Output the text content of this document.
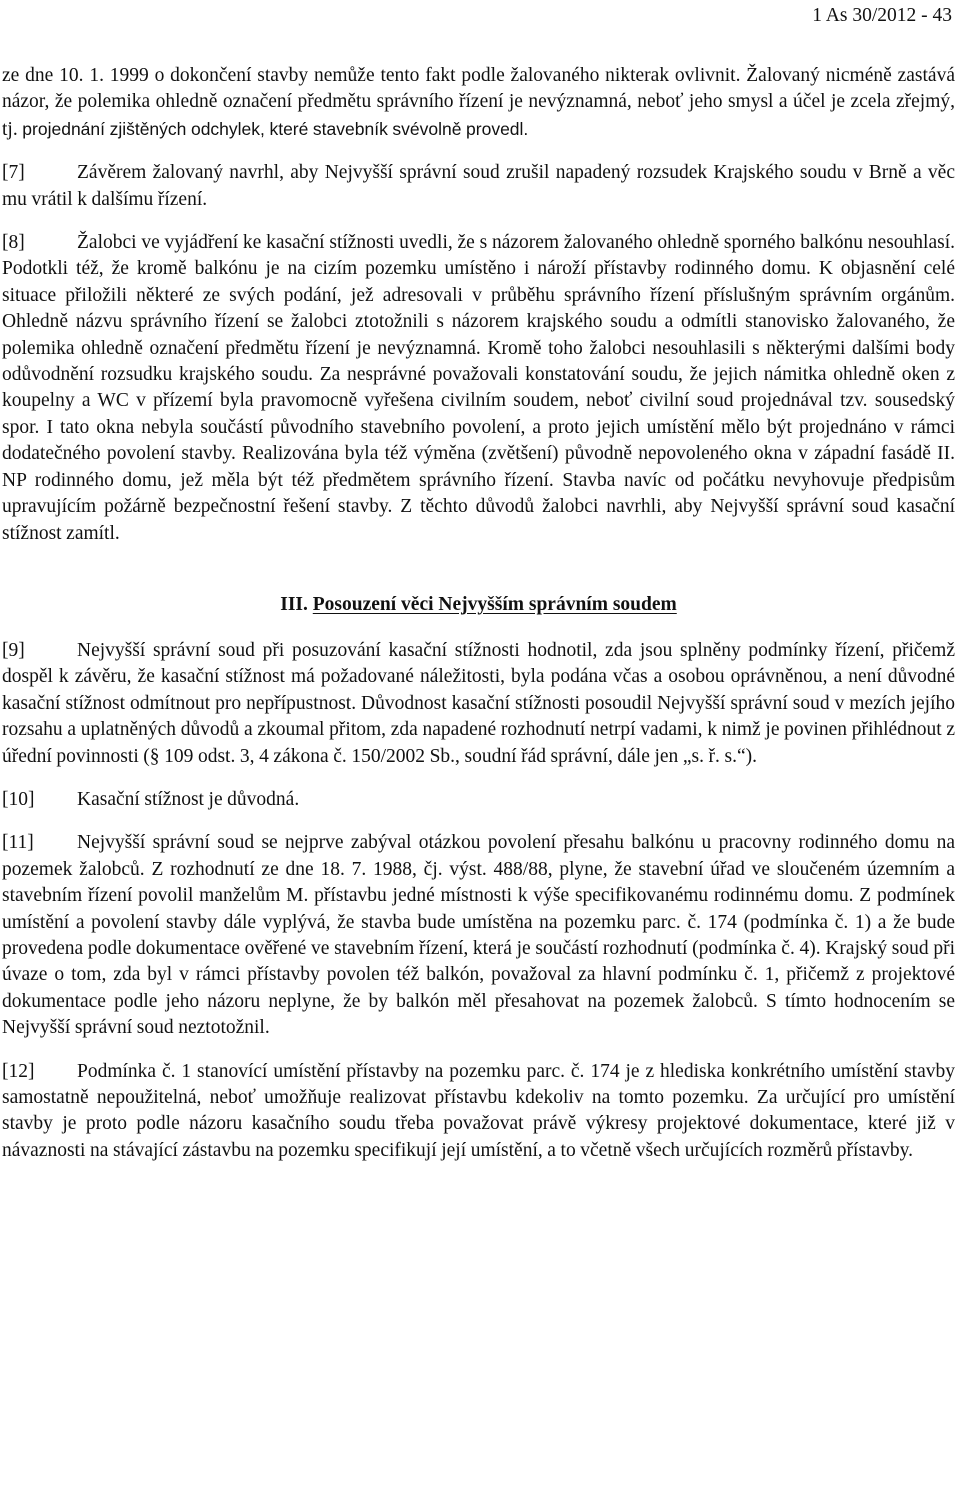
1 As 30/2012 - 43

ze dne 10. 1. 1999 o dokončení stavby nemůže tento fakt podle žalovaného nikterak ovlivnit. Žalovaný nicméně zastává názor, že polemika ohledně označení předmětu správního řízení je nevýznamná, neboť jeho smysl a účel je zcela zřejmý, tj. projednání zjištěných odchylek, které stavebník svévolně provedl.

[7]	Závěrem žalovaný navrhl, aby Nejvyšší správní soud zrušil napadený rozsudek Krajského soudu v Brně a věc mu vrátil k dalšímu řízení.

[8]	Žalobci ve vyjádření ke kasační stížnosti uvedli, že s názorem žalovaného ohledně sporného balkónu nesouhlasí. Podotkli též, že kromě balkónu je na cizím pozemku umístěno i nároží přístavby rodinného domu. K objasnění celé situace přiložili některé ze svých podání, jež adresovali v průběhu správního řízení příslušným správním orgánům. Ohledně názvu správního řízení se žalobci ztotožnili s názorem krajského soudu a odmítli stanovisko žalovaného, že polemika ohledně označení předmětu řízení je nevýznamná. Kromě toho žalobci nesouhlasili s některými dalšími body odůvodnění rozsudku krajského soudu. Za nesprávné považovali konstatování soudu, že jejich námitka ohledně oken z koupelny a WC v přízemí byla pravomocně vyřešena civilním soudem, neboť civilní soud projednával tzv. sousedský spor. I tato okna nebyla součástí původního stavebního povolení, a proto jejich umístění mělo být projednáno v rámci dodatečného povolení stavby. Realizována byla též výměna (zvětšení) původně nepovoleného okna v západní fasádě II. NP rodinného domu, jež měla být též předmětem správního řízení. Stavba navíc od počátku nevyhovuje předpisům upravujícím požárně bezpečnostní řešení stavby. Z těchto důvodů žalobci navrhli, aby Nejvyšší správní soud kasační stížnost zamítl.

III. Posouzení věci Nejvyšším správním soudem

[9]	Nejvyšší správní soud při posuzování kasační stížnosti hodnotil, zda jsou splněny podmínky řízení, přičemž dospěl k závěru, že kasační stížnost má požadované náležitosti, byla podána včas a osobou oprávněnou, a není důvodné kasační stížnost odmítnout pro nepřípustnost. Důvodnost kasační stížnosti posoudil Nejvyšší správní soud v mezích jejího rozsahu a uplatněných důvodů a zkoumal přitom, zda napadené rozhodnutí netrpí vadami, k nimž je povinen přihlédnout z úřední povinnosti (§ 109 odst. 3, 4 zákona č. 150/2002 Sb., soudní řád správní, dále jen „s. ř. s.“).

[10] Kasační stížnost je důvodná.

[11] Nejvyšší správní soud se nejprve zabýval otázkou povolení přesahu balkónu u pracovny rodinného domu na pozemek žalobců. Z rozhodnutí ze dne 18. 7. 1988, čj. výst. 488/88, plyne, že stavební úřad ve sloučeném územním a stavebním řízení povolil manželům M. přístavbu jedné místnosti k výše specifikovanému rodinnému domu. Z podmínek umístění a povolení stavby dále vyplývá, že stavba bude umístěna na pozemku parc. č. 174 (podmínka č. 1) a že bude provedena podle dokumentace ověřené ve stavebním řízení, která je součástí rozhodnutí (podmínka č. 4). Krajský soud při úvaze o tom, zda byl v rámci přístavby povolen též balkón, považoval za hlavní podmínku č. 1, přičemž z projektové dokumentace podle jeho názoru neplyne, že by balkón měl přesahovat na pozemek žalobců. S tímto hodnocením se Nejvyšší správní soud neztotožnil.

[12] Podmínka č. 1 stanovící umístění přístavby na pozemku parc. č. 174 je z hlediska konkrétního umístění stavby samostatně nepoužitelná, neboť umožňuje realizovat přístavbu kdekoliv na tomto pozemku. Za určující pro umístění stavby je proto podle názoru kasačního soudu třeba považovat právě výkresy projektové dokumentace, které již v návaznosti na stávající zástavbu na pozemku specifikují její umístění, a to včetně všech určujících rozměrů přístavby.
